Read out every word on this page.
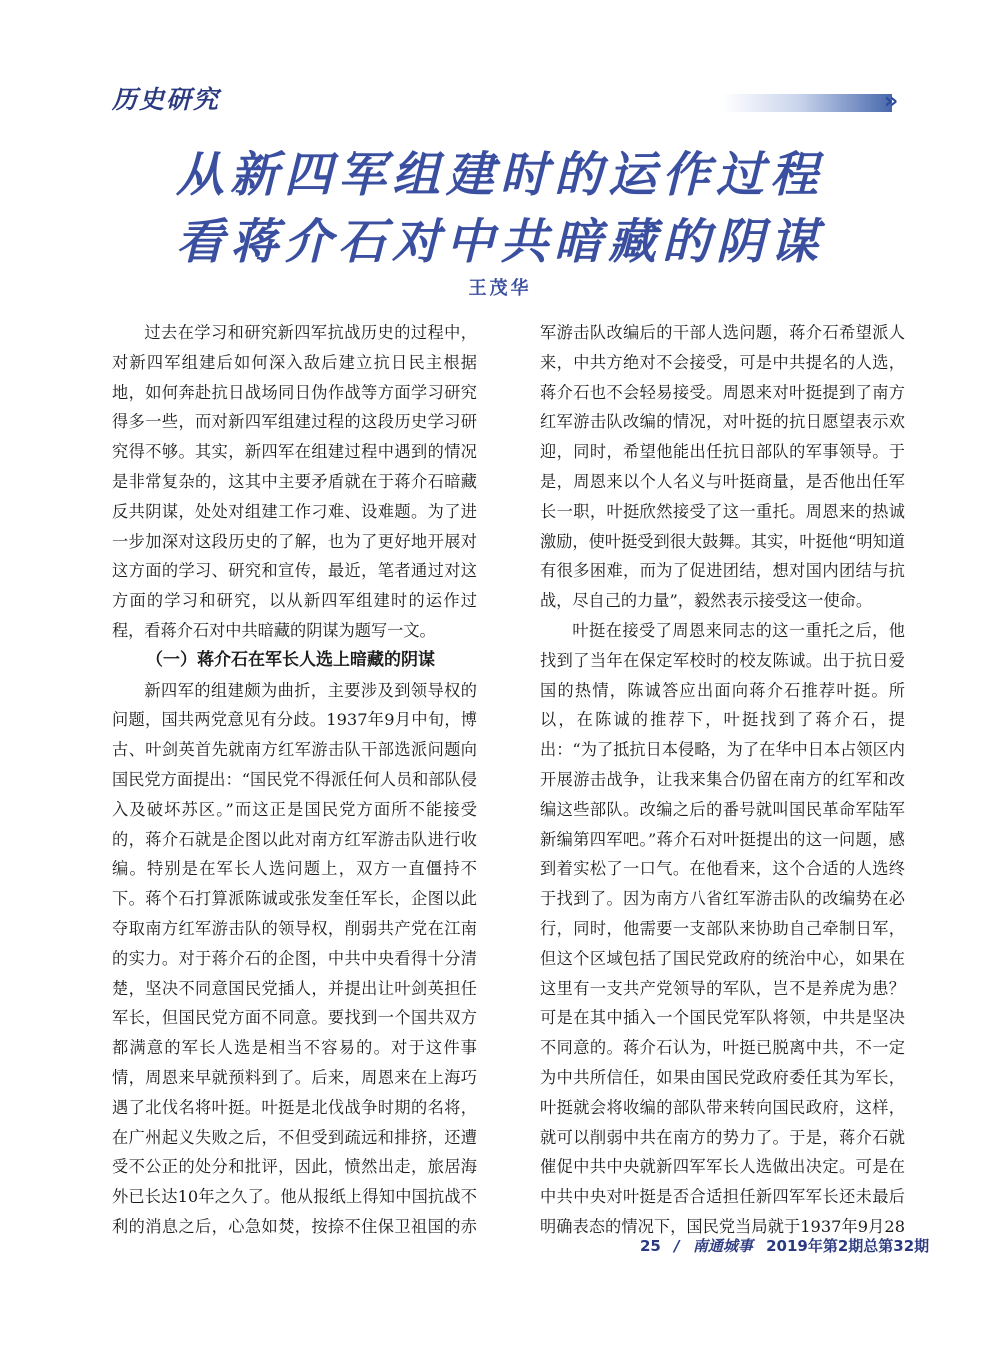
历史研究	»
从新四军组建时的运作过程
看蒋介石对中共暗藏的阴谋
王茂华

过去在学习和研究新四军抗战历史的过程中，对新四军组建后如何深入敌后建立抗日民主根据地，如何奔赴抗日战场同日伪作战等方面学习研究得多一些，而对新四军组建过程的这段历史学习研究得不够。其实，新四军在组建过程中遇到的情况是非常复杂的，这其中主要矛盾就在于蒋介石暗藏反共阴谋，处处对组建工作刁难、设难题。为了进一步加深对这段历史的了解，也为了更好地开展对这方面的学习、研究和宣传，最近，笔者通过对这方面的学习和研究，以从新四军组建时的运作过程，看蒋介石对中共暗藏的阴谋为题写一文。

（一）蒋介石在军长人选上暗藏的阴谋

新四军的组建颇为曲折，主要涉及到领导权的问题，国共两党意见有分歧。1937年9月中旬，博古、叶剑英首先就南方红军游击队干部选派问题向国民党方面提出：“国民党不得派任何人员和部队侵入及破坏苏区。”而这正是国民党方面所不能接受的，蒋介石就是企图以此对南方红军游击队进行收编。特别是在军长人选问题上，双方一直僵持不下。蒋个石打算派陈诚或张发奎任军长，企图以此夺取南方红军游击队的领导权，削弱共产党在江南的实力。对于蒋介石的企图，中共中央看得十分清楚，坚决不同意国民党插人，并提出让叶剑英担任军长，但国民党方面不同意。要找到一个国共双方都满意的军长人选是相当不容易的。对于这件事情，周恩来早就预料到了。后来，周恩来在上海巧遇了北伐名将叶挺。叶挺是北伐战争时期的名将，在广州起义失败之后，不但受到疏远和排挤，还遭受不公正的处分和批评，因此，愤然出走，旅居海外已长达10年之久了。他从报纸上得知中国抗战不利的消息之后，心急如焚，按捺不住保卫祖国的赤

军游击队改编后的干部人选问题，蒋介石希望派人来，中共方绝对不会接受，可是中共提名的人选，蒋介石也不会轻易接受。周恩来对叶挺提到了南方红军游击队改编的情况，对叶挺的抗日愿望表示欢迎，同时，希望他能出任抗日部队的军事领导。于是，周恩来以个人名义与叶挺商量，是否他出任军长一职，叶挺欣然接受了这一重托。周恩来的热诚激励，使叶挺受到很大鼓舞。其实，叶挺他“明知道有很多困难，而为了促进团结，想对国内团结与抗战，尽自己的力量”，毅然表示接受这一使命。

叶挺在接受了周恩来同志的这一重托之后，他找到了当年在保定军校时的校友陈诚。出于抗日爱国的热情，陈诚答应出面向蒋介石推荐叶挺。所以，在陈诚的推荐下，叶挺找到了蒋介石，提出：“为了抵抗日本侵略，为了在华中日本占领区内开展游击战争，让我来集合仍留在南方的红军和改编这些部队。改编之后的番号就叫国民革命军陆军新编第四军吧。”蒋介石对叶挺提出的这一问题，感到着实松了一口气。在他看来，这个合适的人选终于找到了。因为南方八省红军游击队的改编势在必行，同时，他需要一支部队来协助自己牵制日军，但这个区域包括了国民党政府的统治中心，如果在这里有一支共产党领导的军队，岂不是养虎为患？可是在其中插入一个国民党军队将领，中共是坚决不同意的。蒋介石认为，叶挺已脱离中共，不一定为中共所信任，如果由国民党政府委任其为军长，叶挺就会将收编的部队带来转向国民政府，这样，就可以削弱中共在南方的势力了。于是，蒋介石就催促中共中央就新四军军长人选做出决定。可是在中共中央对叶挺是否合适担任新四军军长还未最后明确表态的情况下，国民党当局就于1937年9月28

25 / 南通城事 2019年第2期总第32期
